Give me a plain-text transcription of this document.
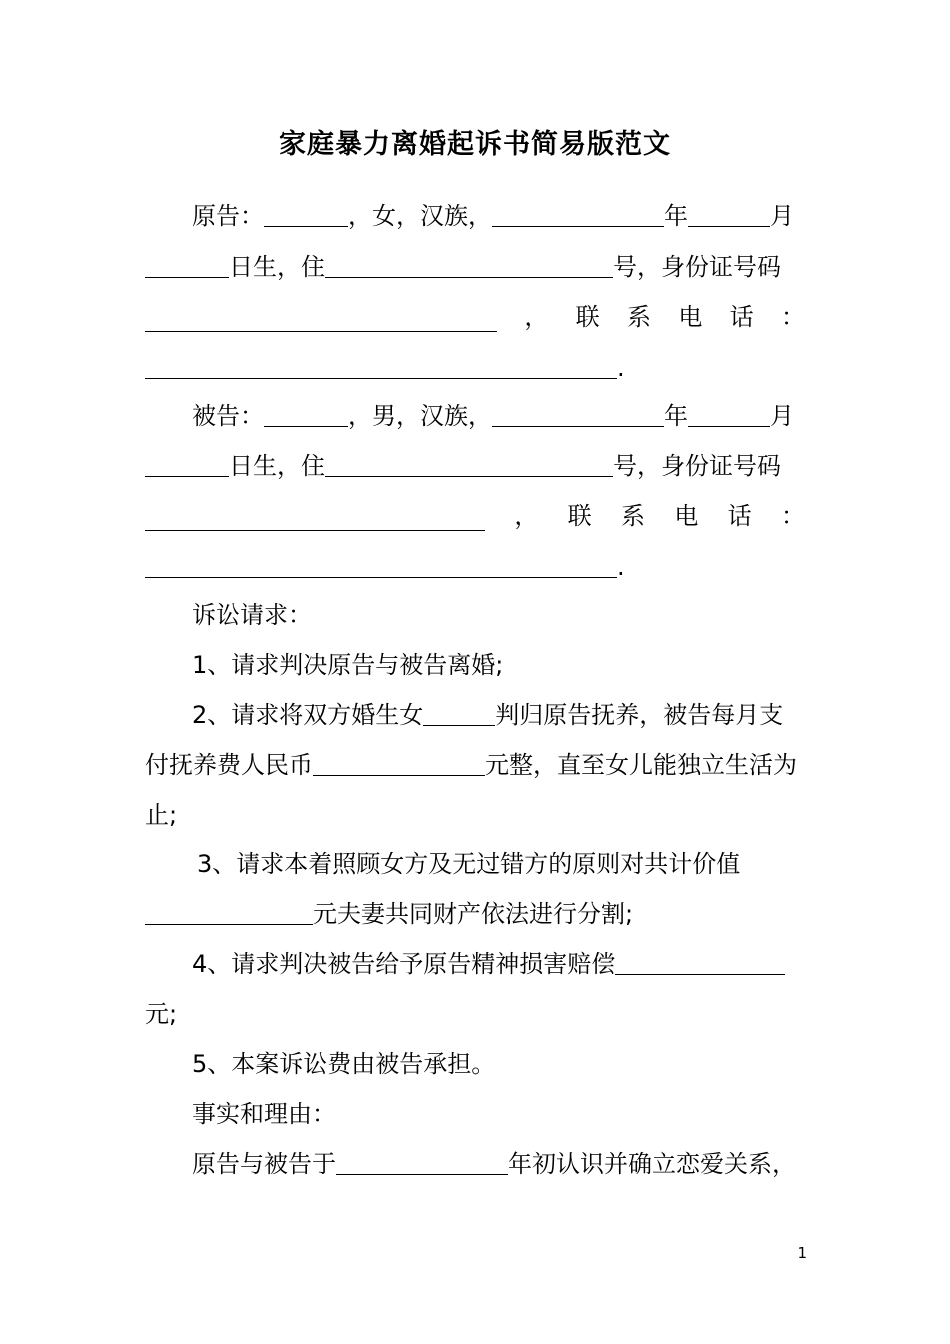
家庭暴力离婚起诉书简易版范文
原告：	，女，汉族，	年	月
日生，住	号，身份证号码
， 联 系 电 话 ：
.
被告：	，男，汉族，	年	月
日生，住	号，身份证号码
， 联 系 电 话 ：
.
诉讼请求：
1、请求判决原告与被告离婚;
2、请求将双方婚生女	判归原告抚养，被告每月支
付抚养费人民币	元整，直至女儿能独立生活为
止;
3、请求本着照顾女方及无过错方的原则对共计价值
元夫妻共同财产依法进行分割;
4、请求判决被告给予原告精神损害赔偿
元;
5、本案诉讼费由被告承担。
事实和理由：
原告与被告于	年初认识并确立恋爱关系，
1
